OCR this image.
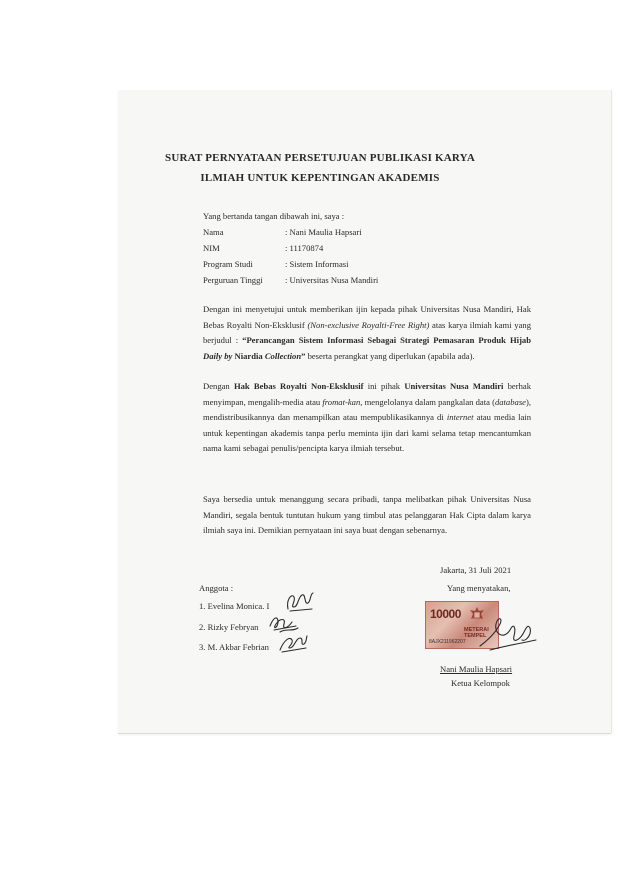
SURAT PERNYATAAN PERSETUJUAN PUBLIKASI KARYA
ILMIAH UNTUK KEPENTINGAN AKADEMIS
Yang bertanda tangan dibawah ini, saya :
Nama	: Nani Maulia Hapsari
NIM	: 11170874
Program Studi	: Sistem Informasi
Perguruan Tinggi	: Universitas Nusa Mandiri
Dengan ini menyetujui untuk memberikan ijin kepada pihak Universitas Nusa Mandiri, Hak Bebas Royalti Non-Eksklusif (Non-exclusive Royalti-Free Right) atas karya ilmiah kami yang berjudul : “Perancangan Sistem Informasi Sebagai Strategi Pemasaran Produk Hijab Daily by Niardia Collection” beserta perangkat yang diperlukan (apabila ada).
Dengan Hak Bebas Royalti Non-Eksklusif ini pihak Universitas Nusa Mandiri berhak menyimpan, mengalih-media atau fromat-kan, mengelolanya dalam pangkalan data (database), mendistribusikannya dan menampilkan atau mempublikasikannya di internet atau media lain untuk kepentingan akademis tanpa perlu meminta ijin dari kami selama tetap mencantumkan nama kami sebagai penulis/pencipta karya ilmiah tersebut.
Saya bersedia untuk menanggung secara pribadi, tanpa melibatkan pihak Universitas Nusa Mandiri, segala bentuk tuntutan hukum yang timbul atas pelanggaran Hak Cipta dalam karya ilmiah saya ini. Demikian pernyataan ini saya buat dengan sebenarnya.
Jakarta, 31 Juli 2021
Yang menyatakan,
Anggota :
1. Evelina Monica. I
2. Rizky Febryan
3. M. Akbar Febrian
10000
METERAI
TEMPEL
8AJX211962207
Nani Maulia Hapsari
Ketua Kelompok
